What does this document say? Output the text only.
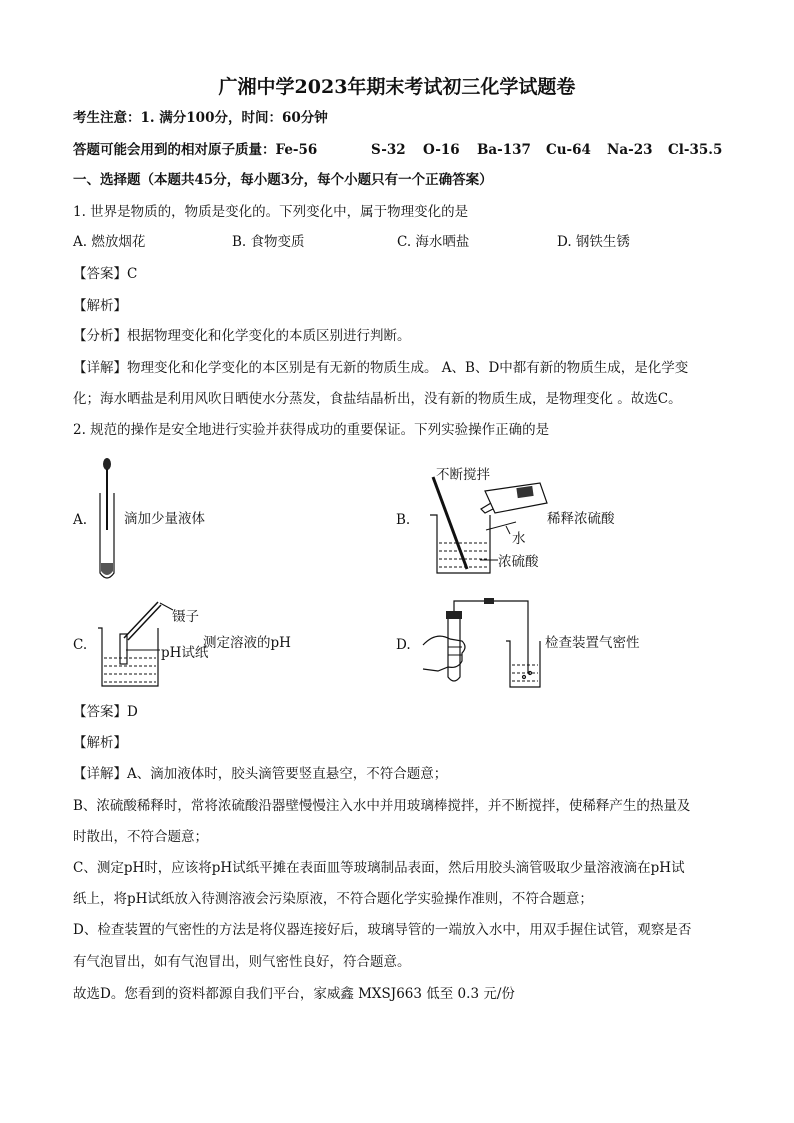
广湘中学2023年期末考试初三化学试题卷
考生注意：1. 满分100分，时间：60分钟
答题可能会用到的相对原子质量：Fe-56	S-32 O-16 Ba-137 Cu-64 Na-23 Cl-35.5
一、选择题（本题共45分，每小题3分，每个小题只有一个正确答案）
1. 世界是物质的，物质是变化的。下列变化中，属于物理变化的是
A. 燃放烟花	B. 食物变质	C. 海水晒盐	D. 钢铁生锈
【答案】C
【解析】
【分析】根据物理变化和化学变化的本质区别进行判断。
【详解】物理变化和化学变化的本区别是有无新的物质生成。 A、B、D中都有新的物质生成，是化学变
化；海水晒盐是利用风吹日晒使水分蒸发，食盐结晶析出，没有新的物质生成，是物理变化 。故选C。
2. 规范的操作是安全地进行实验并获得成功的重要保证。下列实验操作正确的是
A.	滴加少量液体	B.
不断搅拌
稀释浓硫酸
水
浓硫酸
C.
镊子
pH试纸
测定溶液的pH	D.	检查装置气密性
【答案】D
【解析】
【详解】A、滴加液体时，胶头滴管要竖直悬空，不符合题意；
B、浓硫酸稀释时，常将浓硫酸沿器壁慢慢注入水中并用玻璃棒搅拌，并不断搅拌，使稀释产生的热量及
时散出，不符合题意；
C、测定pH时，应该将pH试纸平摊在表面皿等玻璃制品表面，然后用胶头滴管吸取少量溶液滴在pH试
纸上，将pH试纸放入待测溶液会污染原液，不符合题化学实验操作准则，不符合题意；
D、检查装置的气密性的方法是将仪器连接好后，玻璃导管的一端放入水中，用双手握住试管，观察是否
有气泡冒出，如有气泡冒出，则气密性良好，符合题意。
故选D。您看到的资料都源自我们平台，家威鑫 MXSJ663 低至 0.3 元/份
